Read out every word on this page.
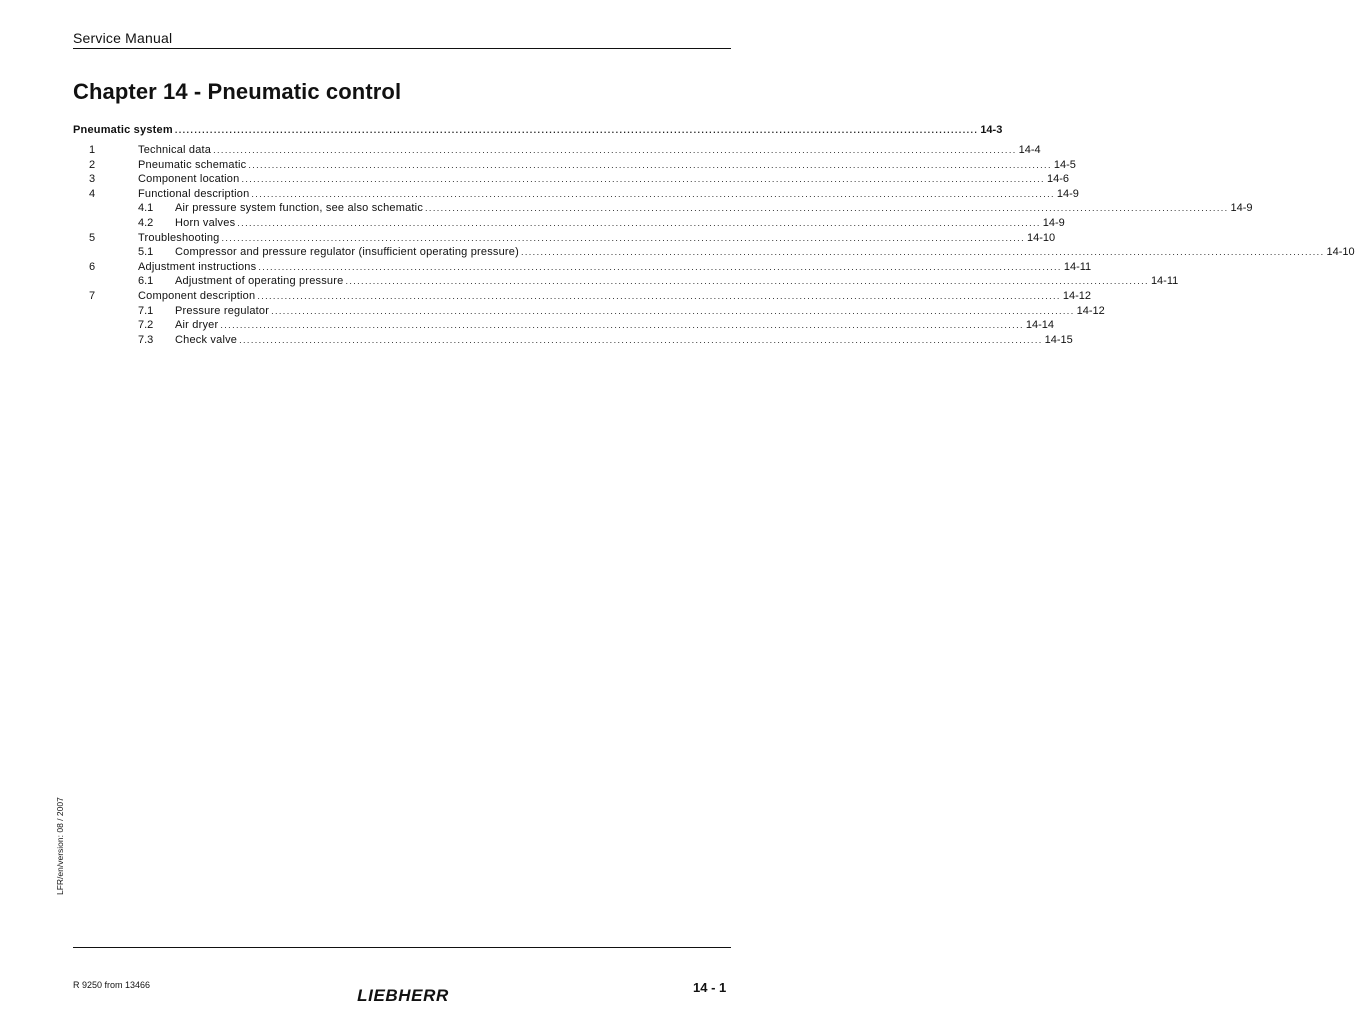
Service Manual
Chapter 14 - Pneumatic control
Pneumatic system .............................................................................................................................................................................................................. 14-3
1	Technical data .............................................................................................................................................................................................................. 14-4
2	Pneumatic schematic .............................................................................................................................................................................................................. 14-5
3	Component location .............................................................................................................................................................................................................. 14-6
4	Functional description .............................................................................................................................................................................................................. 14-9
4.1	Air pressure system function, see also schematic .............................................................................................................................................................................................................. 14-9
4.2	Horn valves .............................................................................................................................................................................................................. 14-9
5	Troubleshooting .............................................................................................................................................................................................................. 14-10
5.1	Compressor and pressure regulator (insufficient operating pressure) .............................................................................................................................................................................................................. 14-10
6	Adjustment instructions .............................................................................................................................................................................................................. 14-11
6.1	Adjustment of operating pressure .............................................................................................................................................................................................................. 14-11
7	Component description .............................................................................................................................................................................................................. 14-12
7.1	Pressure regulator .............................................................................................................................................................................................................. 14-12
7.2	Air dryer .............................................................................................................................................................................................................. 14-14
7.3	Check valve .............................................................................................................................................................................................................. 14-15
LFR/en/version: 08 / 2007
R 9250 from 13466
LIEBHERR	14 - 1
